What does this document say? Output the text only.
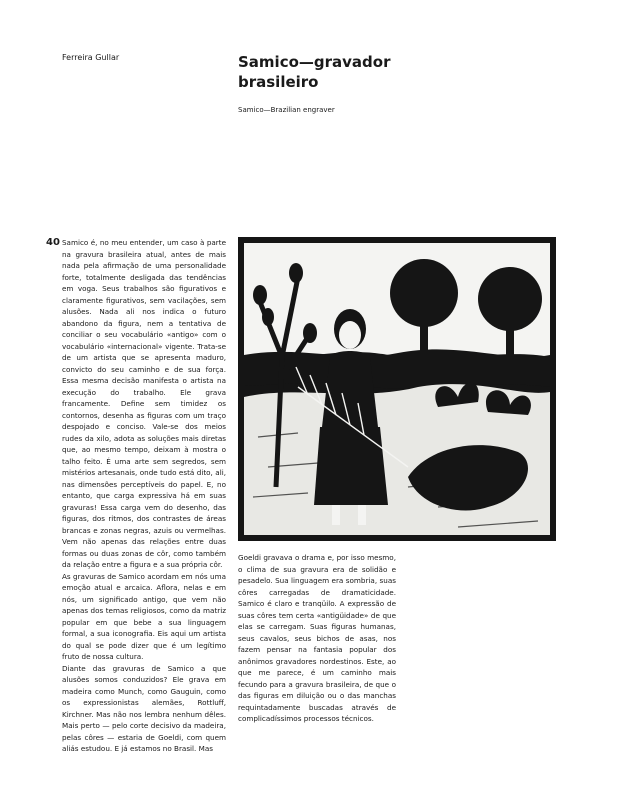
Ferreira Gullar	Samico—gravador
brasileiro
Samico—Brazilian engraver
40 Samico é, no meu entender, um caso à parte na gravura brasileira atual, antes de mais nada pela afirmação de uma personalidade forte, totalmente desligada das tendências em voga. Seus trabalhos são figurativos e claramente figurativos, sem vacilações, sem alusões. Nada ali nos indica o futuro abandono da figura, nem a tentativa de conciliar o seu vocabulário «antigo» com o vocabulário «internacional» vigente. Trata-se de um artista que se apresenta maduro, convicto do seu caminho e de sua força. Essa mesma decisão manifesta o artista na execução do trabalho. Ele grava francamente. Define sem timidez os contornos, desenha as figuras com um traço despojado e conciso. Vale-se dos meios rudes da xilo, adota as soluções mais diretas que, ao mesmo tempo, deixam à mostra o talho feito. É uma arte sem segredos, sem mistérios artesanais, onde tudo está dito, ali, nas dimensões perceptíveis do papel. E, no entanto, que carga expressiva há em suas gravuras! Essa carga vem do desenho, das figuras, dos ritmos, dos contrastes de áreas brancas e zonas negras, azuis ou vermelhas. Vem não apenas das relações entre duas formas ou duas zonas de côr, como também da relação entre a figura e a sua própria côr.

As gravuras de Samico acordam em nós uma emoção atual e arcaica. Aflora, nelas e em nós, um significado antigo, que vem não apenas dos temas religiosos, como da matriz popular em que bebe a sua linguagem formal, a sua iconografia. Eis aqui um artista do qual se pode dizer que é um legítimo fruto de nossa cultura.

Diante das gravuras de Samico a que alusões somos conduzidos? Ele grava em madeira como Munch, como Gauguin, como os expressionistas alemães, Rottluff, Kirchner. Mas não nos lembra nenhum dêles. Mais perto — pelo corte decisivo da madeira, pelas côres — estaria de Goeldi, com quem aliás estudou. E já estamos no Brasil. Mas

Goeldi gravava o drama e, por isso mesmo, o clima de sua gravura era de solidão e pesadelo. Sua linguagem era sombria, suas côres carregadas de dramaticidade. Samico é claro e tranqüilo. A expressão de suas côres tem certa «antigüidade» de que elas se carregam. Suas figuras humanas, seus cavalos, seus bichos de asas, nos fazem pensar na fantasia popular dos anônimos gravadores nordestinos. Este, ao que me parece, é um caminho mais fecundo para a gravura brasileira, de que o das figuras em diluição ou o das manchas requintadamente buscadas através de complicadíssimos processos técnicos.
